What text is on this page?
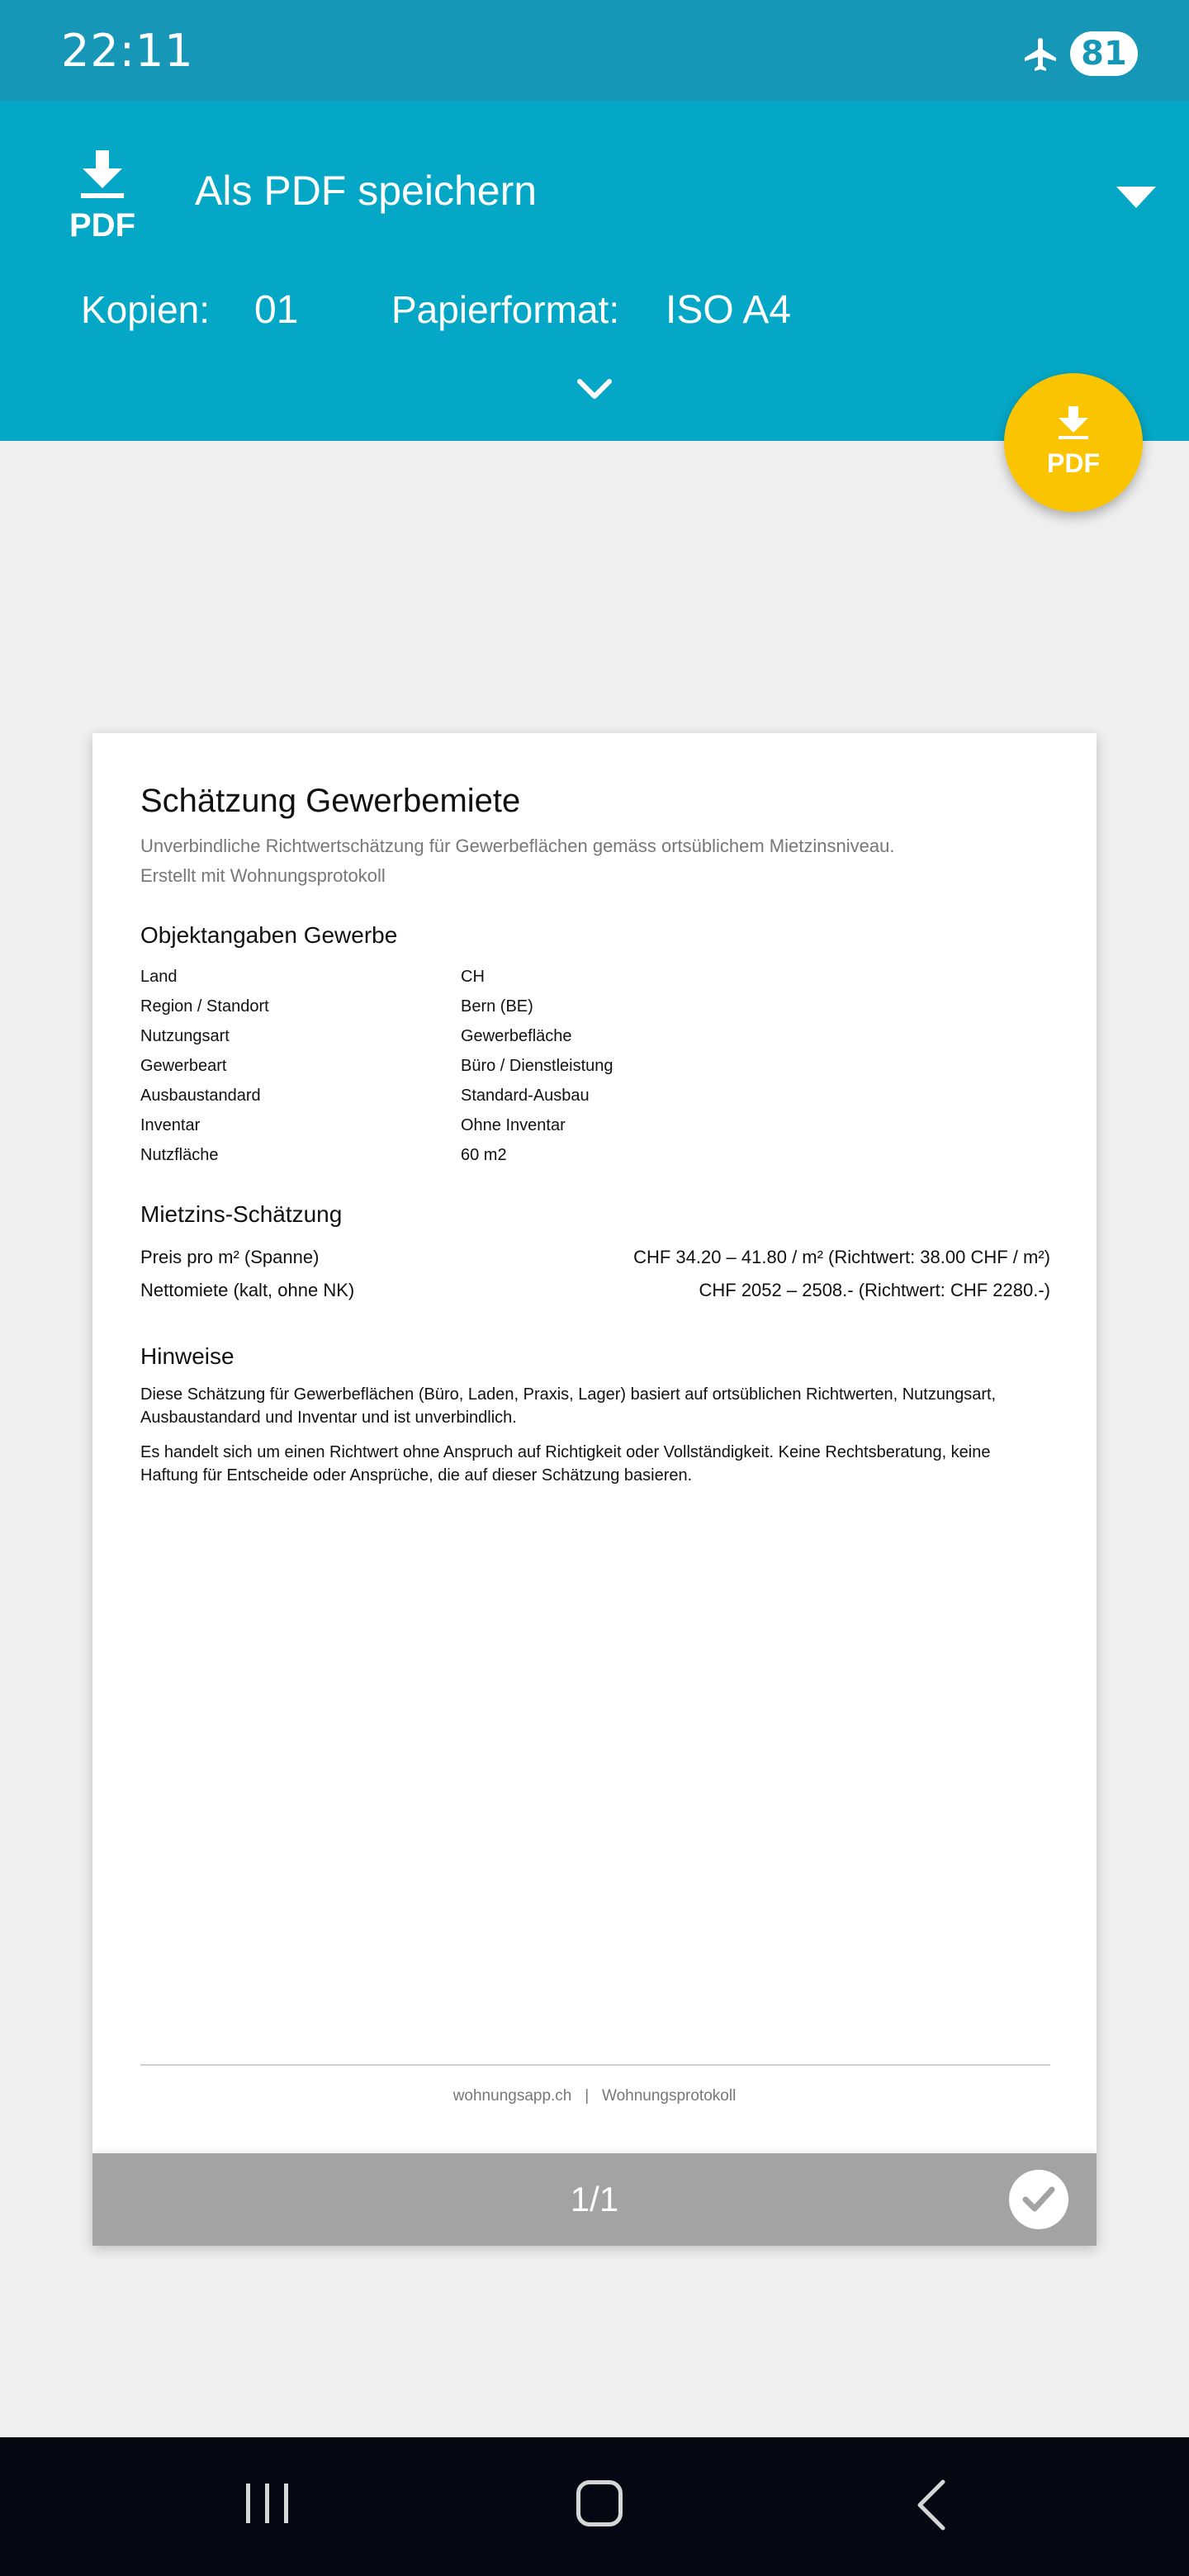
22:11	81
PDF
Als PDF speichern
Kopien: 01 Papierformat: ISO A4
PDF
Schätzung Gewerbemiete
Unverbindliche Richtwertschätzung für Gewerbeflächen gemäss ortsüblichem Mietzinsniveau.
Erstellt mit Wohnungsprotokoll
Objektangaben Gewerbe
Land	CH
Region / Standort	Bern (BE)
Nutzungsart	Gewerbefläche
Gewerbeart	Büro / Dienstleistung
Ausbaustandard	Standard-Ausbau
Inventar	Ohne Inventar
Nutzfläche	60 m2
Mietzins-Schätzung
Preis pro m² (Spanne)	CHF 34.20 – 41.80 / m² (Richtwert: 38.00 CHF / m²)
Nettomiete (kalt, ohne NK)	CHF 2052 – 2508.- (Richtwert: CHF 2280.-)
Hinweise
Diese Schätzung für Gewerbeflächen (Büro, Laden, Praxis, Lager) basiert auf ortsüblichen Richtwerten, Nutzungsart, Ausbaustandard und Inventar und ist unverbindlich.
Es handelt sich um einen Richtwert ohne Anspruch auf Richtigkeit oder Vollständigkeit. Keine Rechtsberatung, keine Haftung für Entscheide oder Ansprüche, die auf dieser Schätzung basieren.
wohnungsapp.ch   |   Wohnungsprotokoll
1/1
